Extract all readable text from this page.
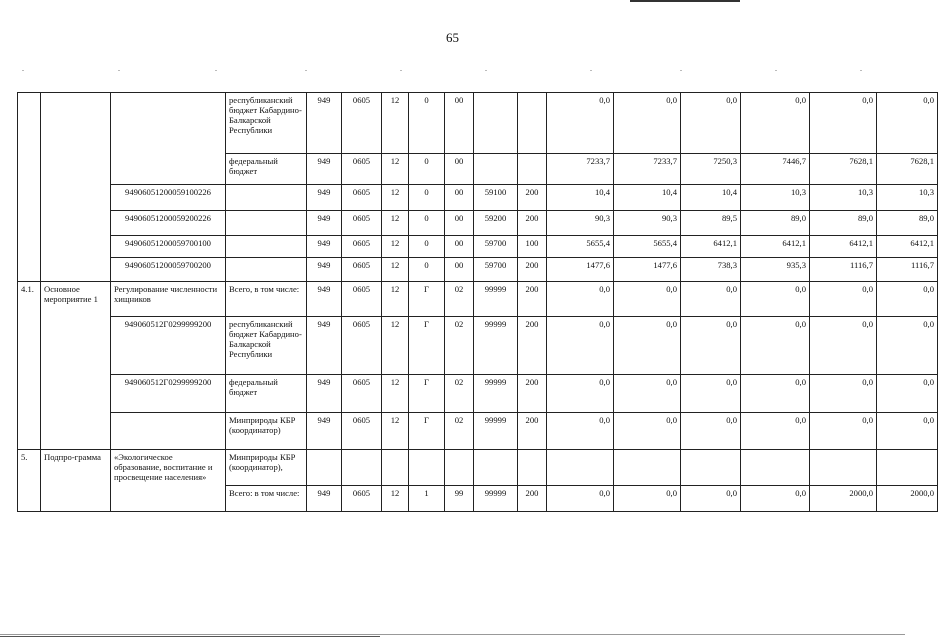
65
			республиканский бюджет Кабардино-Балкарской Республики	949	0605	12	0	00			0,0	0,0	0,0	0,0	0,0	0,0
			федеральный бюджет	949	0605	12	0	00			7233,7	7233,7	7250,3	7446,7	7628,1	7628,1
		94906051200059100226		949	0605	12	0	00	59100	200	10,4	10,4	10,4	10,3	10,3	10,3
		94906051200059200226		949	0605	12	0	00	59200	200	90,3	90,3	89,5	89,0	89,0	89,0
		94906051200059700100		949	0605	12	0	00	59700	100	5655,4	5655,4	6412,1	6412,1	6412,1	6412,1
		94906051200059700200		949	0605	12	0	00	59700	200	1477,6	1477,6	738,3	935,3	1116,7	1116,7
4.1.	Основное мероприятие 1	Регулирование численности хищников	Всего, в том числе:	949	0605	12	Г	02	99999	200	0,0	0,0	0,0	0,0	0,0	0,0
		949060512Г0299999200	республиканский бюджет Кабардино-Балкарской Республики	949	0605	12	Г	02	99999	200	0,0	0,0	0,0	0,0	0,0	0,0
		949060512Г0299999200	федеральный бюджет	949	0605	12	Г	02	99999	200	0,0	0,0	0,0	0,0	0,0	0,0
			Минприроды КБР (координатор)	949	0605	12	Г	02	99999	200	0,0	0,0	0,0	0,0	0,0	0,0
5.	Подпро-грамма	«Экологическое образование, воспитание и просвещение населения»	Минприроды КБР (координатор),													
			Всего: в том числе:	949	0605	12	1	99	99999	200	0,0	0,0	0,0	0,0	2000,0	2000,0
